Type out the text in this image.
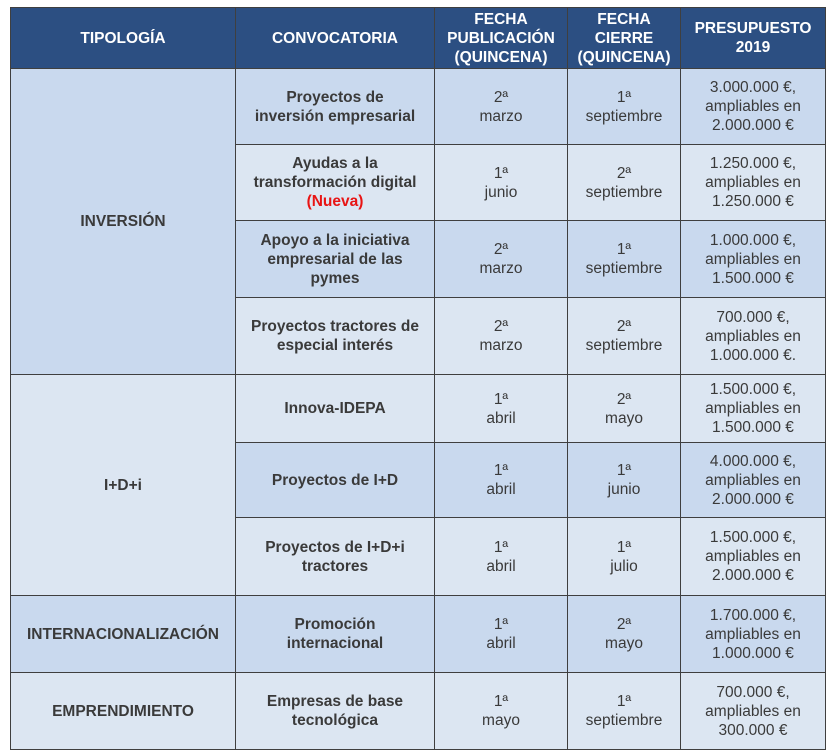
TIPOLOGÍA	CONVOCATORIA	FECHA
PUBLICACIÓN
(QUINCENA)	FECHA
CIERRE
(QUINCENA)	PRESUPUESTO
2019

INVERSIÓN	Proyectos de
inversión empresarial	2ª
marzo	1ª
septiembre	3.000.000 €,
ampliables en
2.000.000 €

	Ayudas a la
transformación digital
(Nueva)	1ª
junio	2ª
septiembre	1.250.000 €,
ampliables en
1.250.000 €

	Apoyo a la iniciativa
empresarial de las
pymes	2ª
marzo	1ª
septiembre	1.000.000 €,
ampliables en
1.500.000 €

	Proyectos tractores de
especial interés	2ª
marzo	2ª
septiembre	700.000 €,
ampliables en
1.000.000 €.

I+D+i	Innova-IDEPA	1ª
abril	2ª
mayo	1.500.000 €,
ampliables en
1.500.000 €

	Proyectos de I+D	1ª
abril	1ª
junio	4.000.000 €,
ampliables en
2.000.000 €

	Proyectos de I+D+i
tractores	1ª
abril	1ª
julio	1.500.000 €,
ampliables en
2.000.000 €

INTERNACIONALIZACIÓN	Promoción
internacional	1ª
abril	2ª
mayo	1.700.000 €,
ampliables en
1.000.000 €

EMPRENDIMIENTO	Empresas de base
tecnológica	1ª
mayo	1ª
septiembre	700.000 €,
ampliables en
300.000 €
